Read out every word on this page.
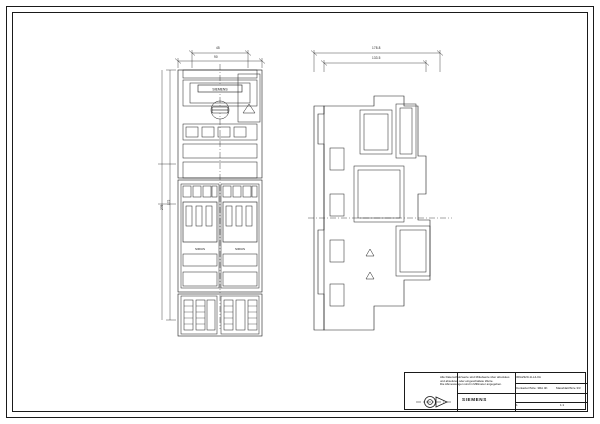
SIEMENS
SIRIUS	SIRIUS
90
45
278
172
178.8
133.5
Alle Datenschutzwerte sind Mittelwerte über absolutes
und absolutes oder eingeschaltete Werte.
Die Abmessungen sind in Millimeter angegeben.
SIEMENS
3RA2320-1LL4-0A
Contactor/Size: 3RA 4K	Massblatt/Size 3/3
1	1:1
